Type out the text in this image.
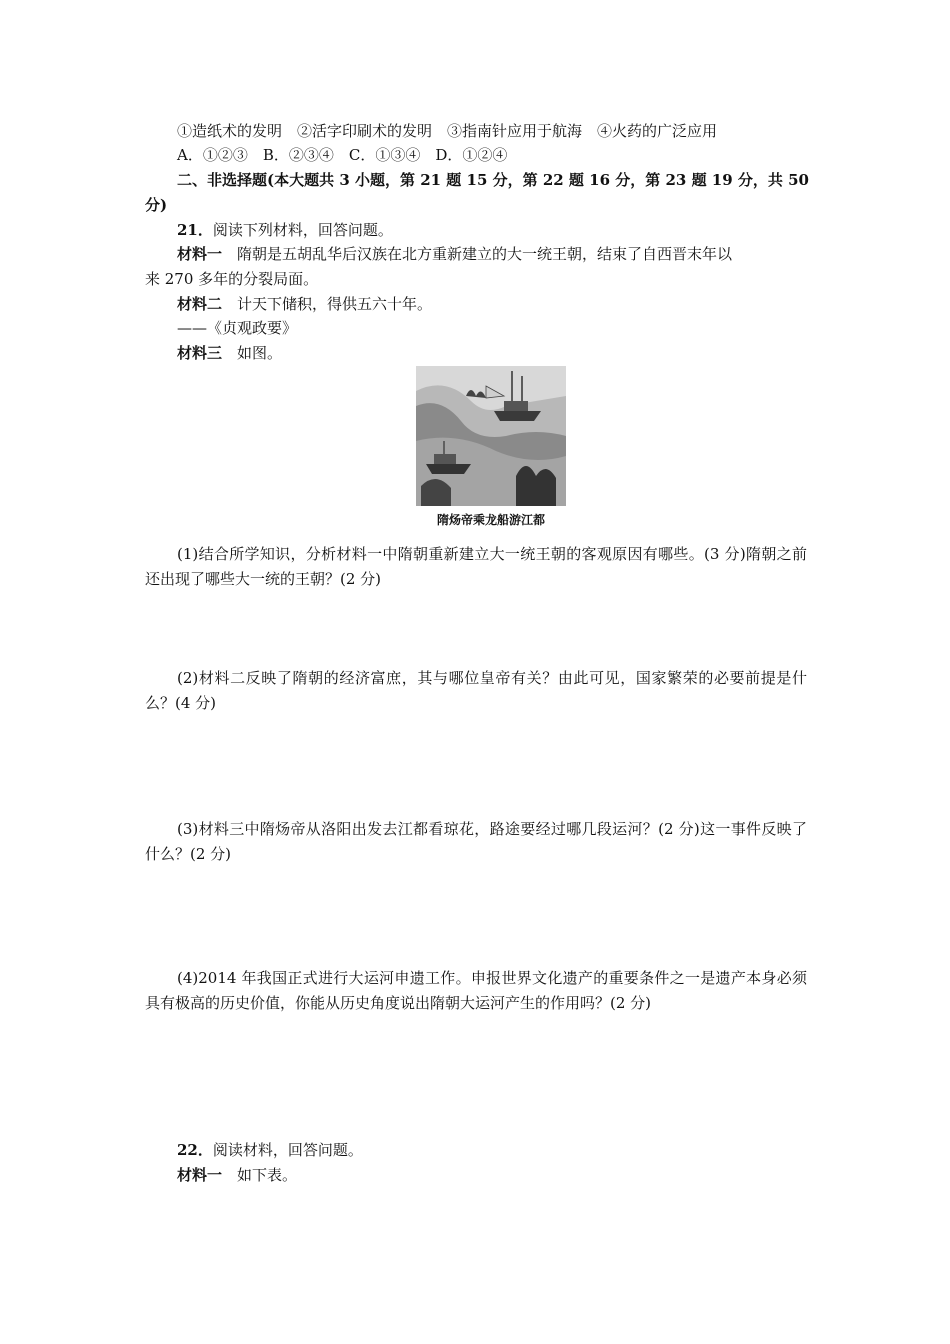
①造纸术的发明　②活字印刷术的发明　③指南针应用于航海　④火药的广泛应用
A．①②③　B．②③④　C．①③④　D．①②④
二、非选择题(本大题共 3 小题，第 21 题 15 分，第 22 题 16 分，第 23 题 19 分，共 50
分)
21．阅读下列材料，回答问题。
材料一　隋朝是五胡乱华后汉族在北方重新建立的大一统王朝，结束了自西晋末年以
来 270 多年的分裂局面。
材料二　计天下储积，得供五六十年。
——《贞观政要》
材料三　如图。
隋炀帝乘龙船游江都
(1)结合所学知识，分析材料一中隋朝重新建立大一统王朝的客观原因有哪些。(3 分)隋朝之前还出现了哪些大一统的王朝？(2 分)
(2)材料二反映了隋朝的经济富庶，其与哪位皇帝有关？由此可见，国家繁荣的必要前提是什么？(4 分)
(3)材料三中隋炀帝从洛阳出发去江都看琼花，路途要经过哪几段运河？(2 分)这一事件反映了什么？(2 分)
(4)2014 年我国正式进行大运河申遗工作。申报世界文化遗产的重要条件之一是遗产本身必须具有极高的历史价值，你能从历史角度说出隋朝大运河产生的作用吗？(2 分)
22．阅读材料，回答问题。
材料一　如下表。
